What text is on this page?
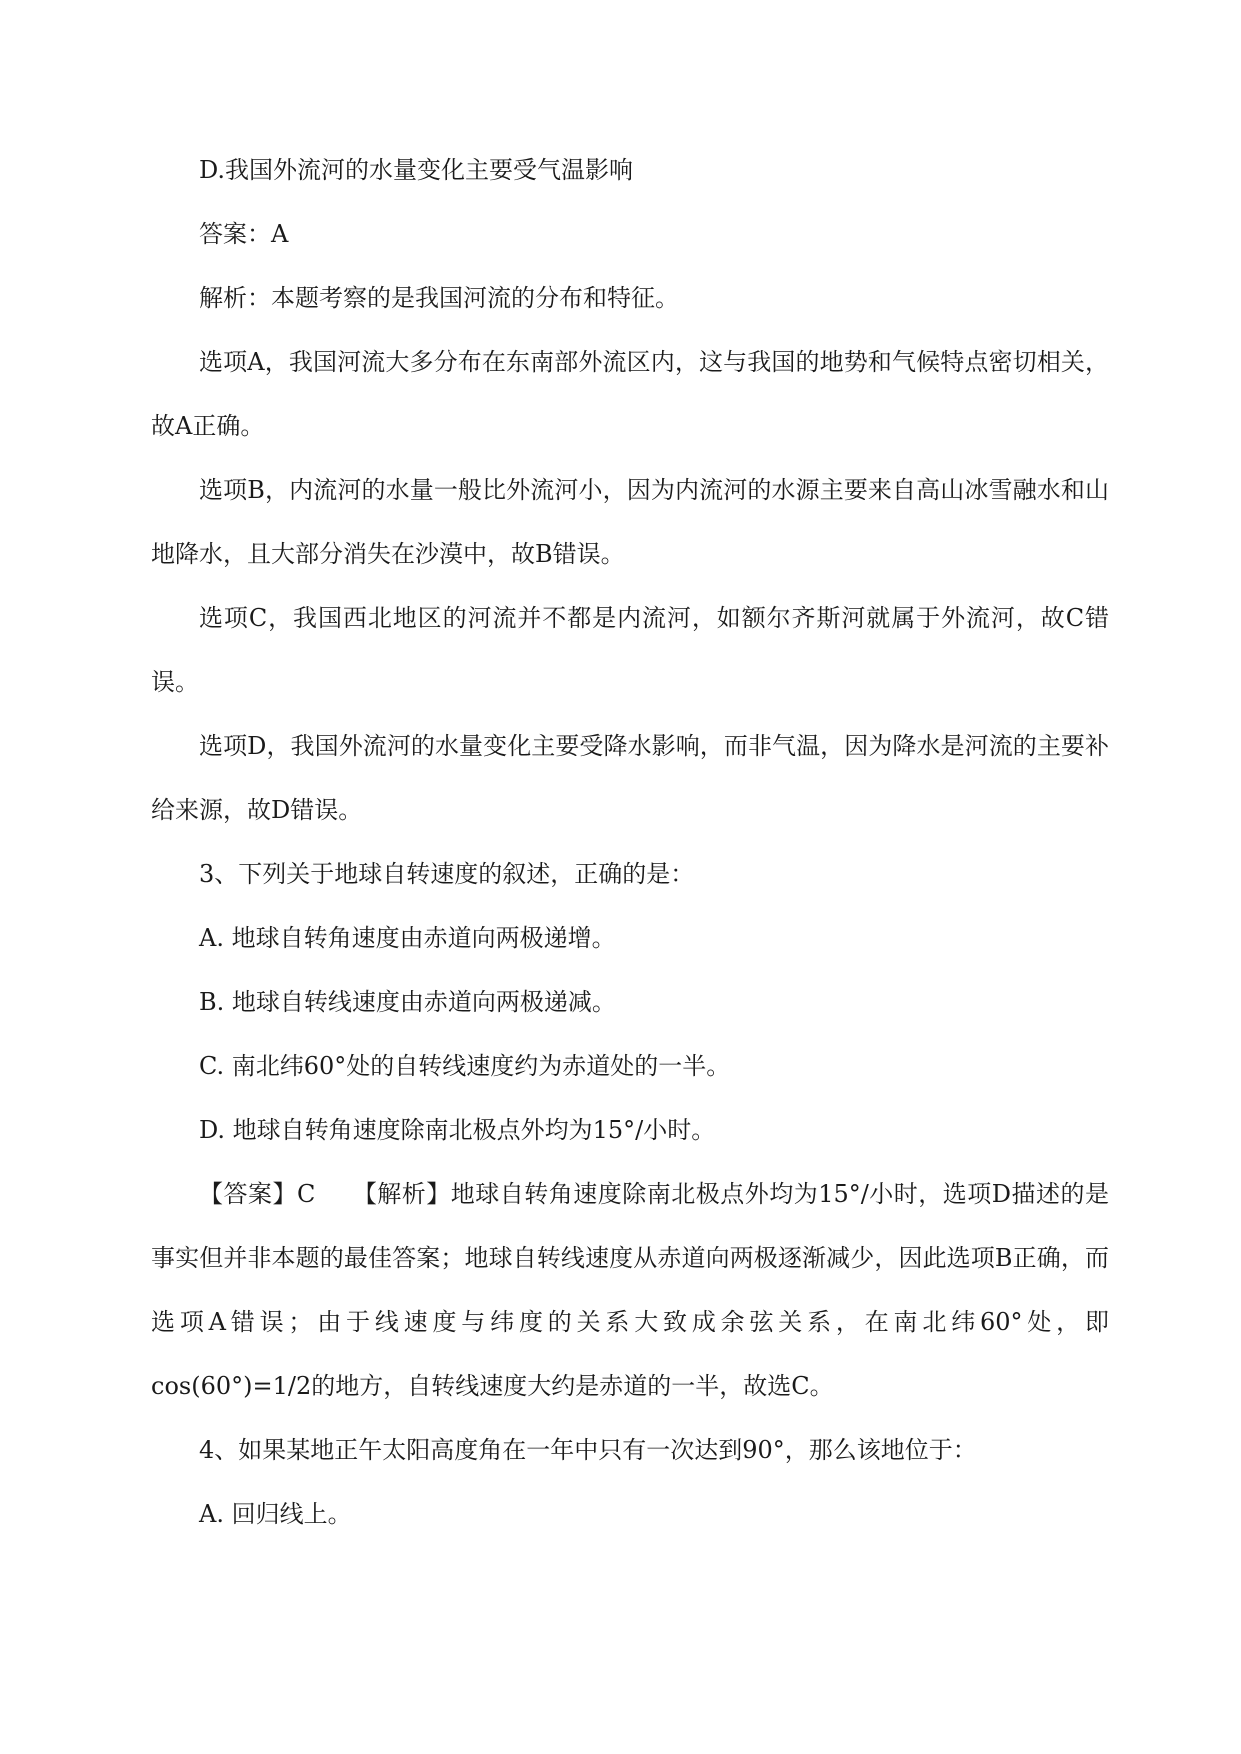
D.我国外流河的水量变化主要受气温影响

答案：A

解析：本题考察的是我国河流的分布和特征。

选项A，我国河流大多分布在东南部外流区内，这与我国的地势和气候特点密切相关，故A正确。

选项B，内流河的水量一般比外流河小，因为内流河的水源主要来自高山冰雪融水和山地降水，且大部分消失在沙漠中，故B错误。

选项C，我国西北地区的河流并不都是内流河，如额尔齐斯河就属于外流河，故C错误。

选项D，我国外流河的水量变化主要受降水影响，而非气温，因为降水是河流的主要补给来源，故D错误。

3、下列关于地球自转速度的叙述，正确的是：

A. 地球自转角速度由赤道向两极递增。

B. 地球自转线速度由赤道向两极递减。

C. 南北纬60°处的自转线速度约为赤道处的一半。

D. 地球自转角速度除南北极点外均为15°/小时。

【答案】C　　【解析】地球自转角速度除南北极点外均为15°/小时，选项D描述的是事实但并非本题的最佳答案；地球自转线速度从赤道向两极逐渐减少，因此选项B正确，而选项A错误；由于线速度与纬度的关系大致成余弦关系，在南北纬60°处，即cos(60°)=1/2的地方，自转线速度大约是赤道的一半，故选C。

4、如果某地正午太阳高度角在一年中只有一次达到90°，那么该地位于：

A. 回归线上。
